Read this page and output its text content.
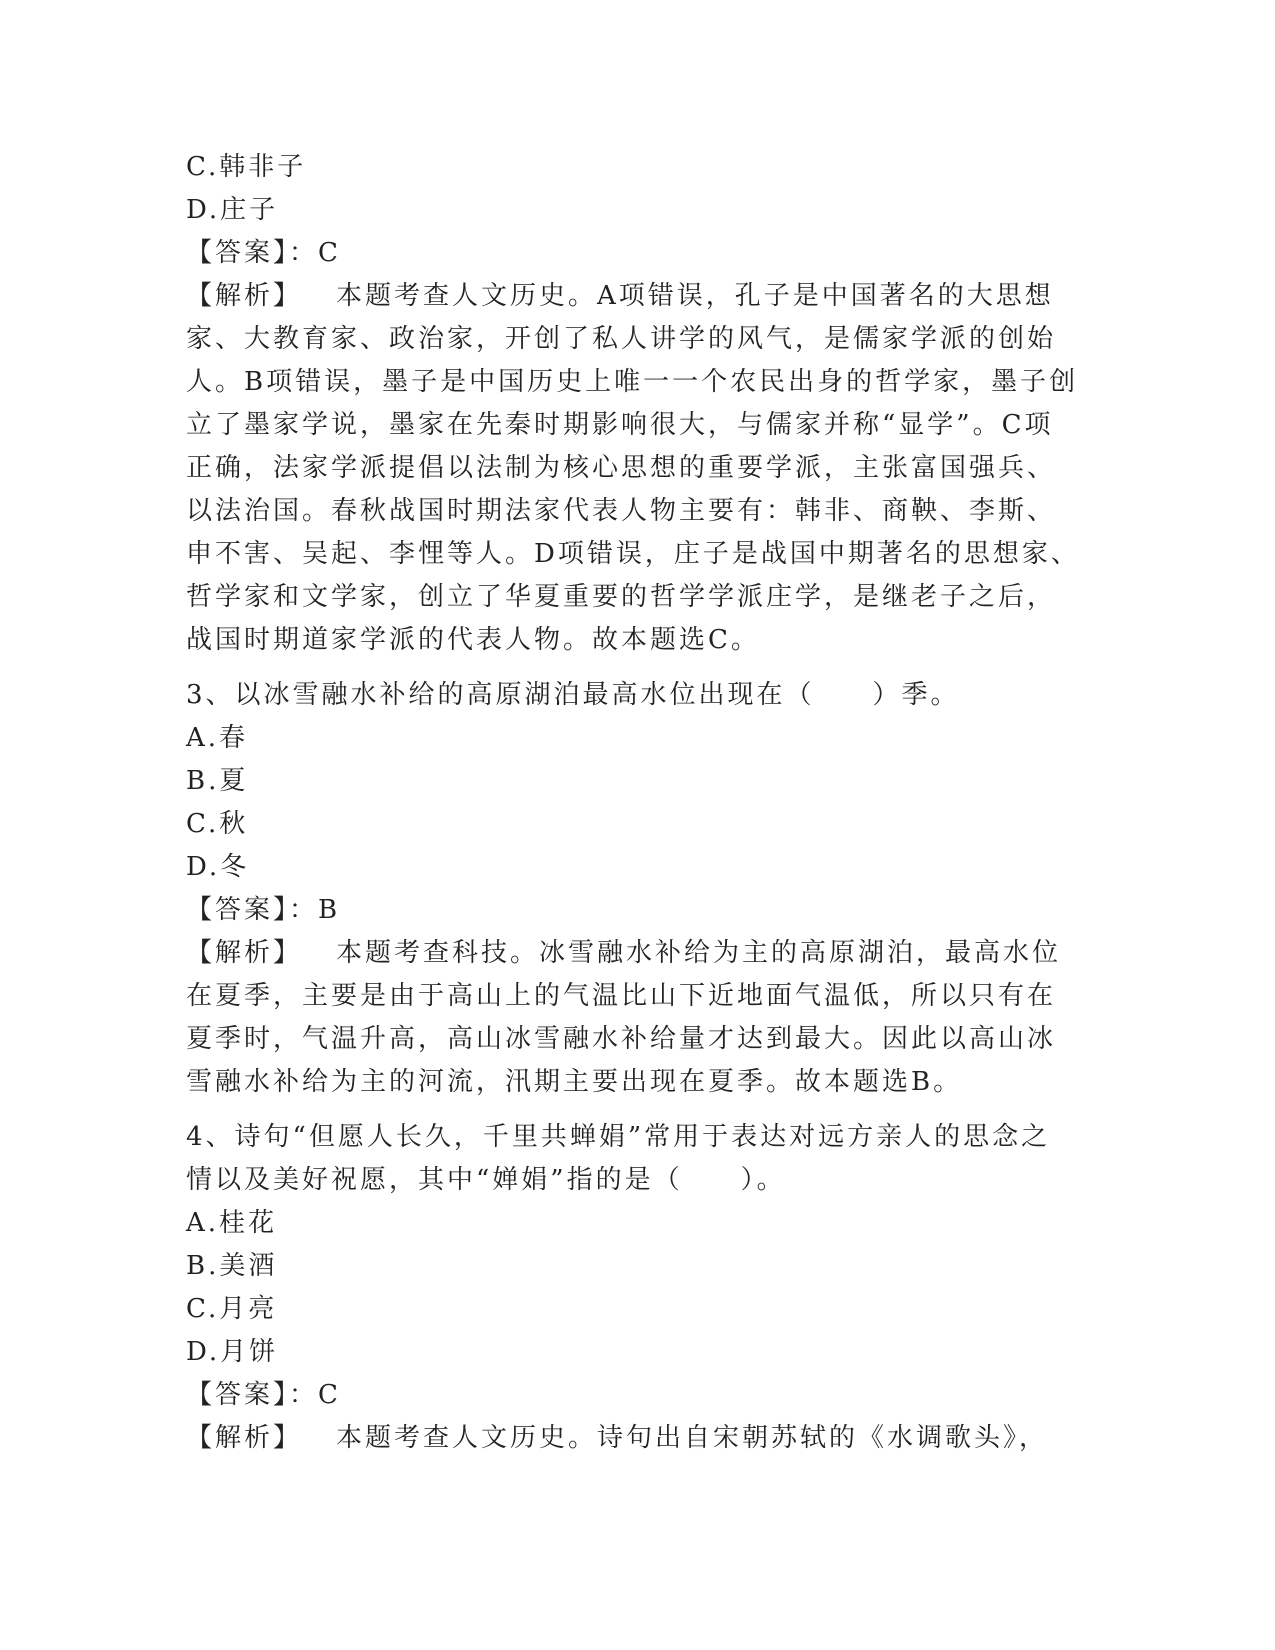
C.韩非子
D.庄子
【答案】：C
【解析】 本题考查人文历史。A项错误，孔子是中国著名的大思想
家、大教育家、政治家，开创了私人讲学的风气，是儒家学派的创始
人。B项错误，墨子是中国历史上唯一一个农民出身的哲学家，墨子创
立了墨家学说，墨家在先秦时期影响很大，与儒家并称“显学”。C项
正确，法家学派提倡以法制为核心思想的重要学派，主张富国强兵、
以法治国。春秋战国时期法家代表人物主要有：韩非、商鞅、李斯、
申不害、吴起、李悝等人。D项错误，庄子是战国中期著名的思想家、
哲学家和文学家，创立了华夏重要的哲学学派庄学，是继老子之后，
战国时期道家学派的代表人物。故本题选C。
3、以冰雪融水补给的高原湖泊最高水位出现在（　　）季。
A.春
B.夏
C.秋
D.冬
【答案】：B
【解析】 本题考查科技。冰雪融水补给为主的高原湖泊，最高水位
在夏季，主要是由于高山上的气温比山下近地面气温低，所以只有在
夏季时，气温升高，高山冰雪融水补给量才达到最大。因此以高山冰
雪融水补给为主的河流，汛期主要出现在夏季。故本题选B。
4、诗句“但愿人长久，千里共蝉娟”常用于表达对远方亲人的思念之
情以及美好祝愿，其中“婵娟”指的是（　　）。
A.桂花
B.美酒
C.月亮
D.月饼
【答案】：C
【解析】 本题考查人文历史。诗句出自宋朝苏轼的《水调歌头》，
